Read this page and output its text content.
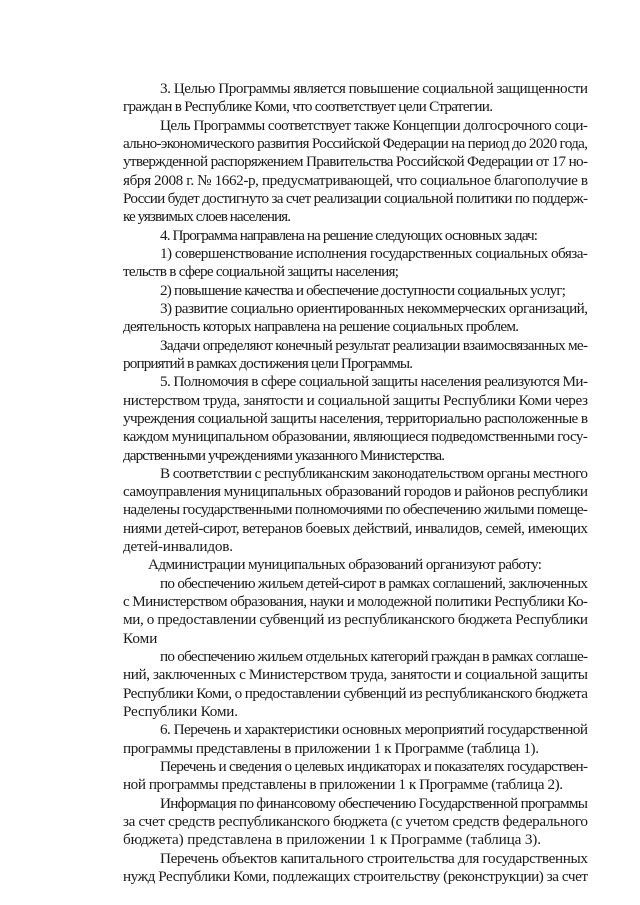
3. Целью Программы является повышение социальной защищенности
граждан в Республике Коми, что соответствует цели Стратегии.
Цель Программы соответствует также Концепции долгосрочного соци-
ально-экономического развития Российской Федерации на период до 2020 года,
утвержденной распоряжением Правительства Российской Федерации от 17 но-
ября 2008 г. № 1662-р, предусматривающей, что социальное благополучие в
России будет достигнуто за счет реализации социальной политики по поддерж-
ке уязвимых слоев населения.
4. Программа направлена на решение следующих основных задач:
1) совершенствование исполнения государственных социальных обяза-
тельств в сфере социальной защиты населения;
2) повышение качества и обеспечение доступности социальных услуг;
3) развитие социально ориентированных некоммерческих организаций,
деятельность которых направлена на решение социальных проблем.
Задачи определяют конечный результат реализации взаимосвязанных ме-
роприятий в рамках достижения цели Программы.
5. Полномочия в сфере социальной защиты населения реализуются Ми-
нистерством труда, занятости и социальной защиты Республики Коми через
учреждения социальной защиты населения, территориально расположенные в
каждом муниципальном образовании, являющиеся подведомственными госу-
дарственными учреждениями указанного Министерства.
В соответствии с республиканским законодательством органы местного
самоуправления муниципальных образований городов и районов республики
наделены государственными полномочиями по обеспечению жилыми помеще-
ниями детей-сирот, ветеранов боевых действий, инвалидов, семей, имеющих
детей-инвалидов.
Администрации муниципальных образований организуют работу:
по обеспечению жильем детей-сирот в рамках соглашений, заключенных
с Министерством образования, науки и молодежной политики Республики Ко-
ми, о предоставлении субвенций из республиканского бюджета Республики
Коми
по обеспечению жильем отдельных категорий граждан в рамках соглаше-
ний, заключенных с Министерством труда, занятости и социальной защиты
Республики Коми, о предоставлении субвенций из республиканского бюджета
Республики Коми.
6. Перечень и характеристики основных мероприятий государственной
программы представлены в приложении 1 к Программе (таблица 1).
Перечень и сведения о целевых индикаторах и показателях государствен-
ной программы представлены в приложении 1 к Программе (таблица 2).
Информация по финансовому обеспечению Государственной программы
за счет средств республиканского бюджета (с учетом средств федерального
бюджета) представлена в приложении 1 к Программе (таблица 3).
Перечень объектов капитального строительства для государственных
нужд Республики Коми, подлежащих строительству (реконструкции) за счет
